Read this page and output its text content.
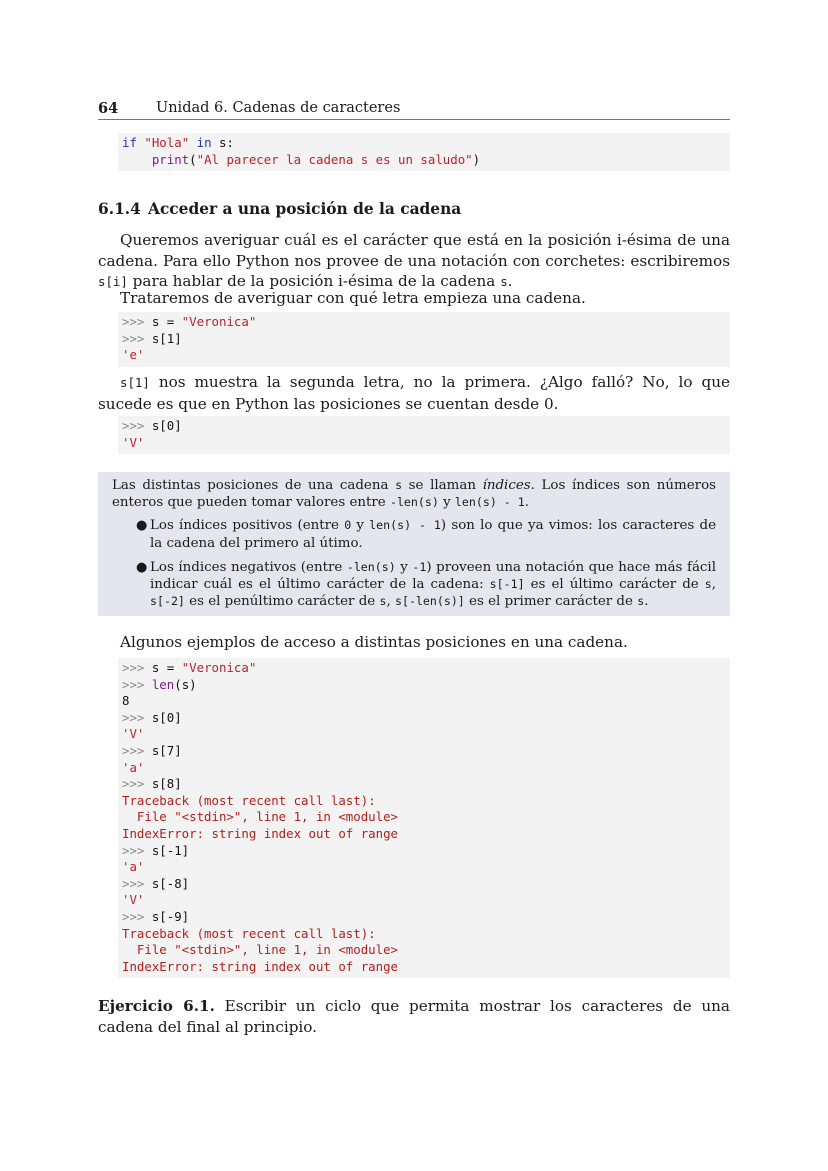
64	Unidad 6. Cadenas de caracteres
if "Hola" in s:
print("Al parecer la cadena s es un saludo")
6.1.4 Acceder a una posición de la cadena
Queremos averiguar cuál es el carácter que está en la posición i-ésima de una cadena. Para ello Python nos provee de una notación con corchetes: escribiremos s[i] para hablar de la posición i-ésima de la cadena s.
Trataremos de averiguar con qué letra empieza una cadena.
>>> s = "Veronica"
>>> s[1]
'e'
s[1] nos muestra la segunda letra, no la primera. ¿Algo falló? No, lo que sucede es que en Python las posiciones se cuentan desde 0.
>>> s[0]
'V'
Las distintas posiciones de una cadena s se llaman índices. Los índices son números enteros que pueden tomar valores entre -len(s) y len(s) - 1.
● Los índices positivos (entre 0 y len(s) - 1) son lo que ya vimos: los caracteres de la cadena del primero al útimo.
● Los índices negativos (entre -len(s) y -1) proveen una notación que hace más fácil indicar cuál es el último carácter de la cadena: s[-1] es el último carácter de s, s[-2] es el penúltimo carácter de s, s[-len(s)] es el primer carácter de s.
Algunos ejemplos de acceso a distintas posiciones en una cadena.
>>> s = "Veronica"
>>> len(s)
8
>>> s[0]
'V'
>>> s[7]
'a'
>>> s[8]
Traceback (most recent call last):
File "<stdin>", line 1, in <module>
IndexError: string index out of range
>>> s[-1]
'a'
>>> s[-8]
'V'
>>> s[-9]
Traceback (most recent call last):
File "<stdin>", line 1, in <module>
IndexError: string index out of range
Ejercicio 6.1. Escribir un ciclo que permita mostrar los caracteres de una cadena del final al principio.
